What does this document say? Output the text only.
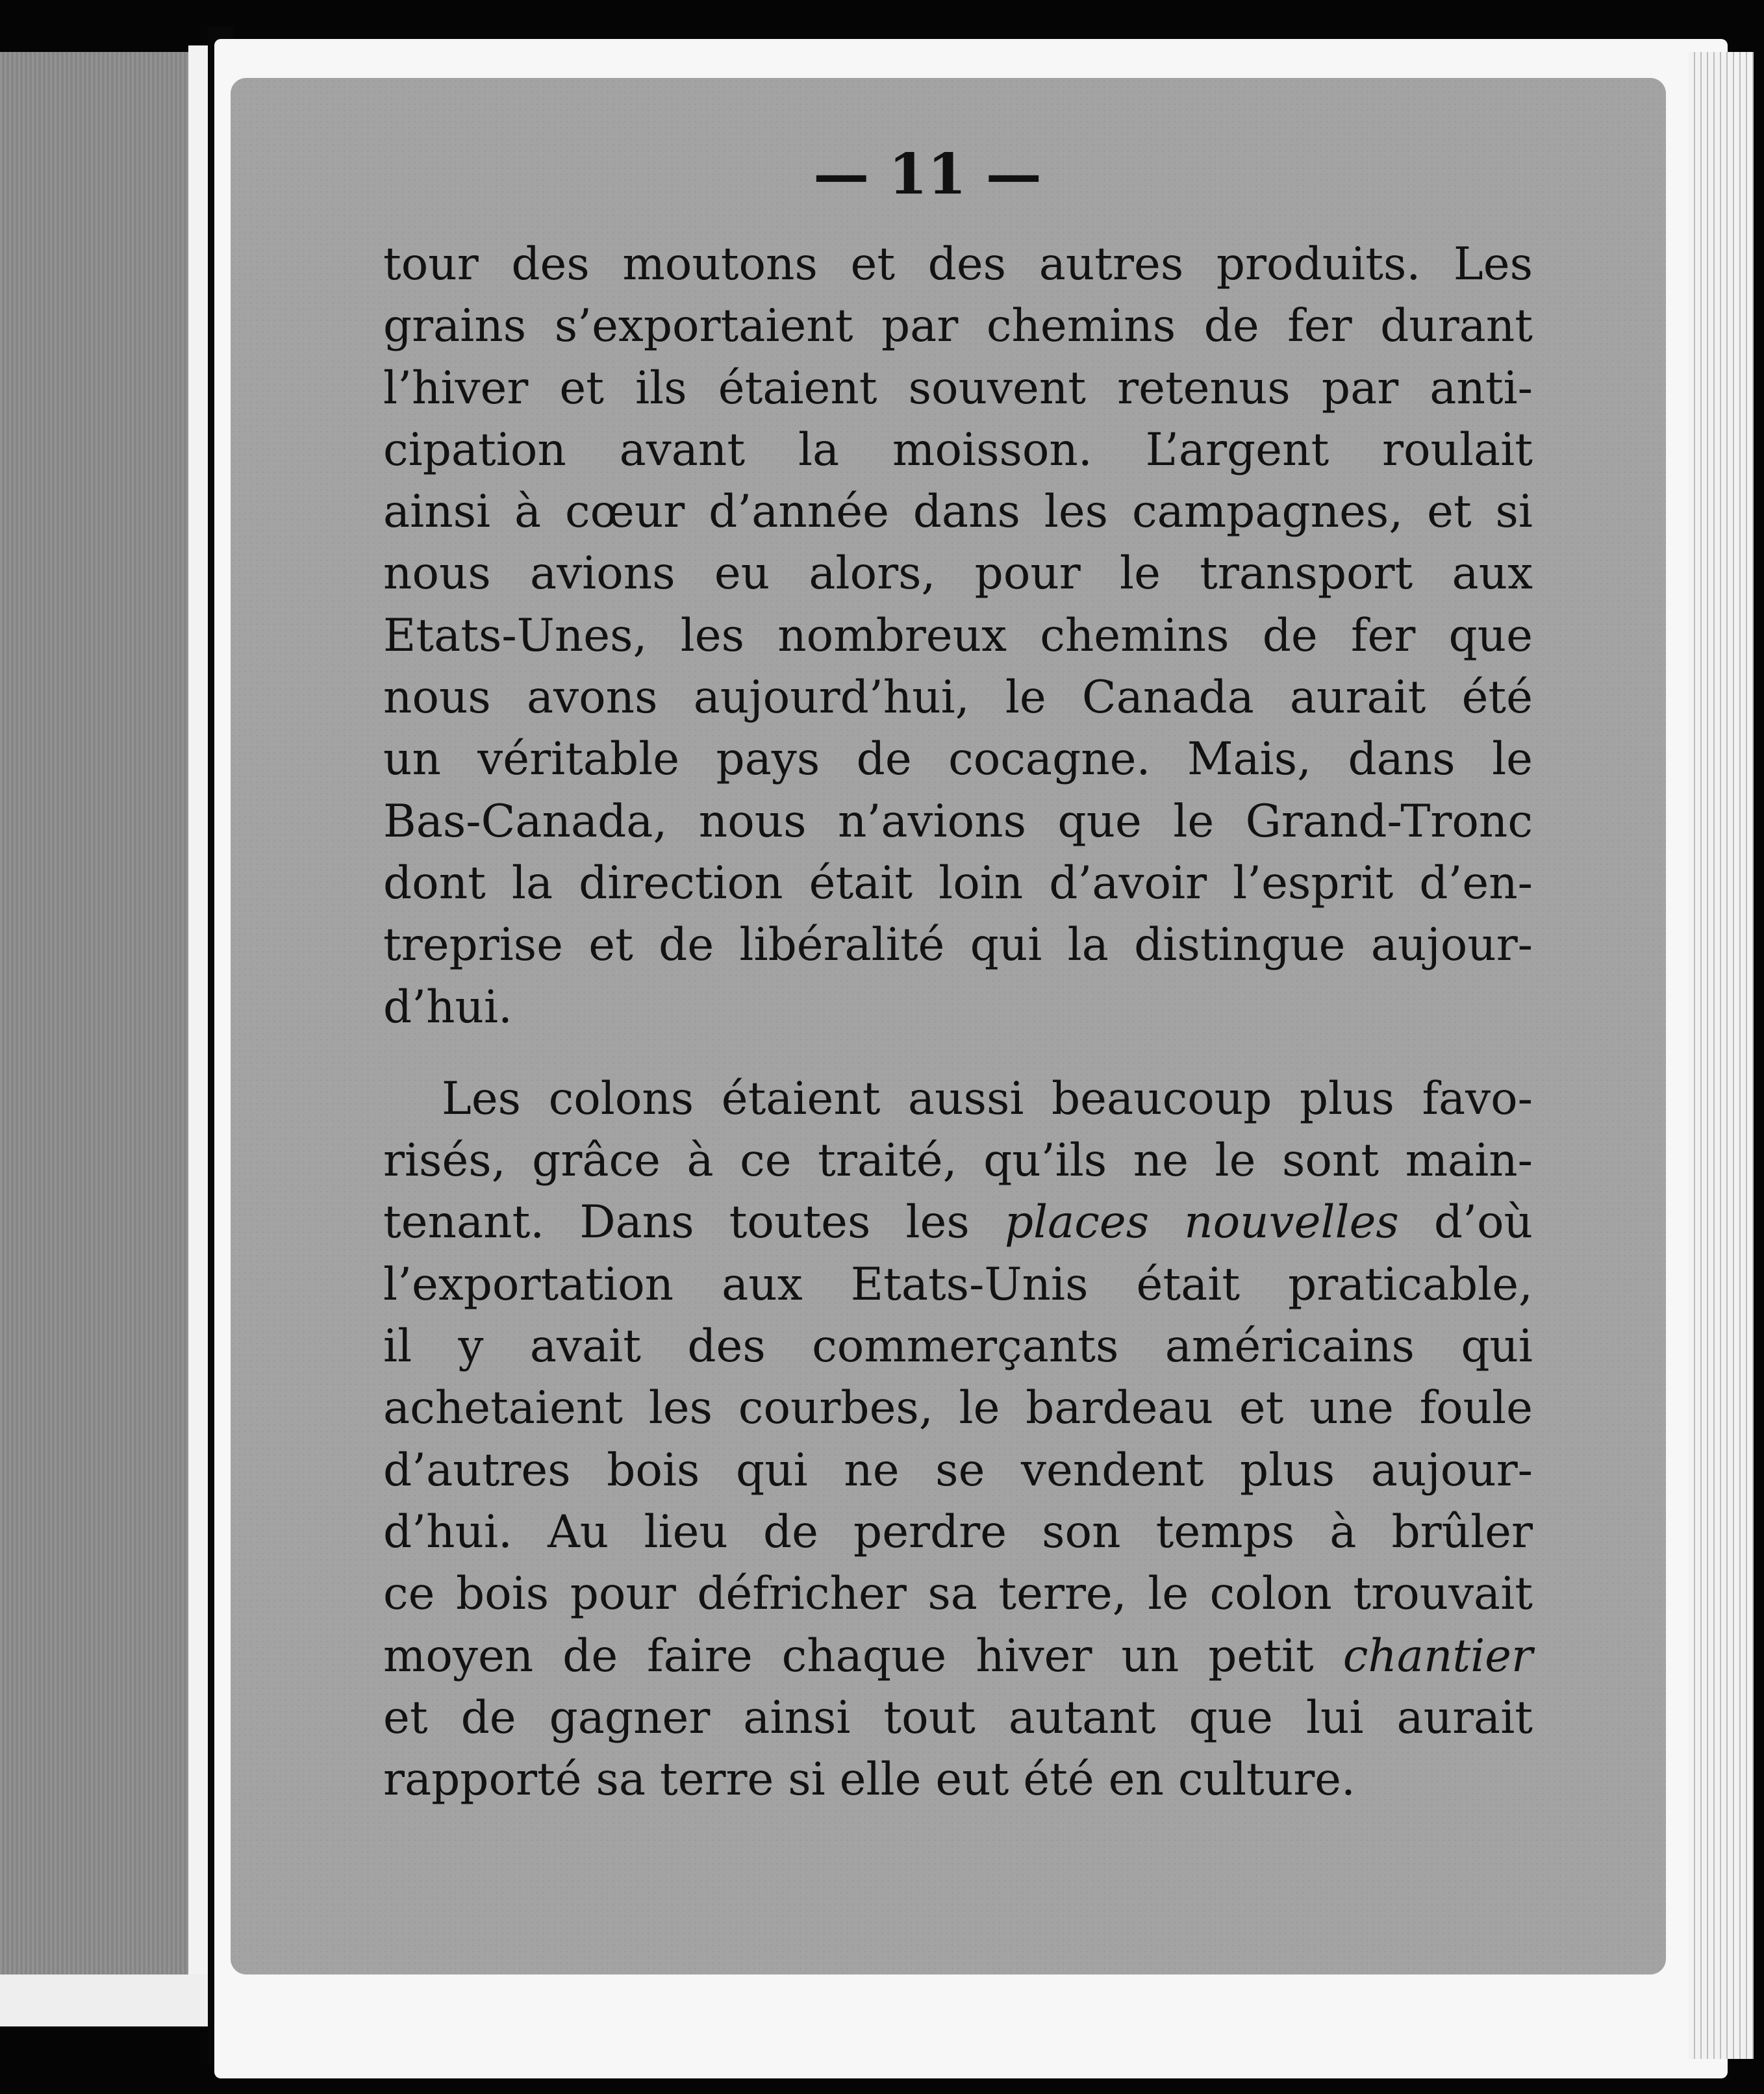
— 11 —
tour des moutons et des autres produits. Les
grains s’exportaient par chemins de fer durant
l’hiver et ils étaient souvent retenus par anti-
cipation avant la moisson. L’argent roulait
ainsi à cœur d’année dans les campagnes, et si
nous avions eu alors, pour le transport aux
Etats-Unes, les nombreux chemins de fer que
nous avons aujourd’hui, le Canada aurait été
un véritable pays de cocagne. Mais, dans le
Bas-Canada, nous n’avions que le Grand-Tronc
dont la direction était loin d’avoir l’esprit d’en-
treprise et de libéralité qui la distingue aujour-
d’hui.
Les colons étaient aussi beaucoup plus favo-
risés, grâce à ce traité, qu’ils ne le sont main-
tenant. Dans toutes les places nouvelles d’où
l’exportation aux Etats-Unis était praticable,
il y avait des commerçants américains qui
achetaient les courbes, le bardeau et une foule
d’autres bois qui ne se vendent plus aujour-
d’hui. Au lieu de perdre son temps à brûler
ce bois pour défricher sa terre, le colon trouvait
moyen de faire chaque hiver un petit chantier
et de gagner ainsi tout autant que lui aurait
rapporté sa terre si elle eut été en culture.
